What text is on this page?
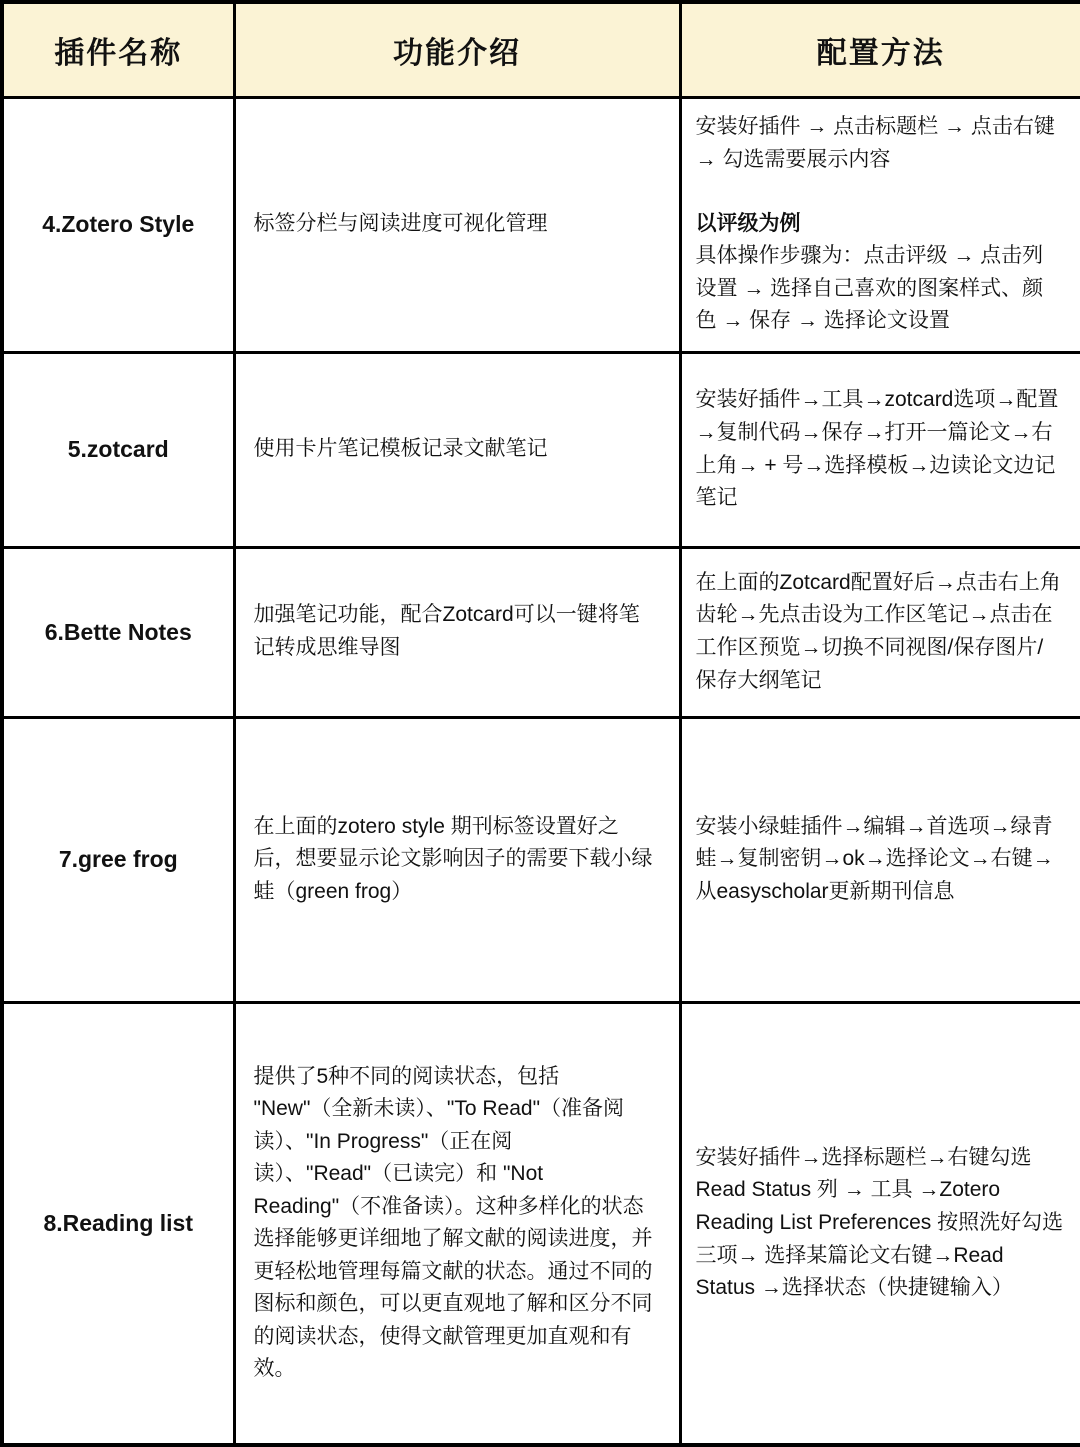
插件名称	功能介绍	配置方法
4.Zotero Style	标签分栏与阅读进度可视化管理	安装好插件 → 点击标题栏 → 点击右键 → 勾选需要展示内容

以评级为例

具体操作步骤为：点击评级 → 点击列设置 → 选择自己喜欢的图案样式、颜色 → 保存 → 选择论文设置

5.zotcard	使用卡片笔记模板记录文献笔记	安装好插件→工具→zotcard选项→配置→复制代码→保存→打开一篇论文→右上角→ + 号→选择模板→边读论文边记笔记

6.Bette Notes	加强笔记功能，配合Zotcard可以一键将笔记转成思维导图	在上面的Zotcard配置好后→点击右上角齿轮→先点击设为工作区笔记→点击在工作区预览→切换不同视图/保存图片/保存大纲笔记

7.gree frog	在上面的zotero style 期刊标签设置好之后，想要显示论文影响因子的需要下载小绿蛙（green frog）	安装小绿蛙插件→编辑→首选项→绿青蛙→复制密钥→ok→选择论文→右键→从easyscholar更新期刊信息

8.Reading list	提供了5种不同的阅读状态，包括 "New"（全新未读）、"To Read"（准备阅读）、"In Progress"（正在阅读）、"Read"（已读完）和 "Not Reading"（不准备读）。这种多样化的状态选择能够更详细地了解文献的阅读进度，并更轻松地管理每篇文献的状态。通过不同的图标和颜色，可以更直观地了解和区分不同的阅读状态，使得文献管理更加直观和有效。	安装好插件→选择标题栏→右键勾选 Read Status 列 → 工具 →Zotero Reading List Preferences 按照洗好勾选三项→ 选择某篇论文右键→Read Status →选择状态（快捷键输入）
